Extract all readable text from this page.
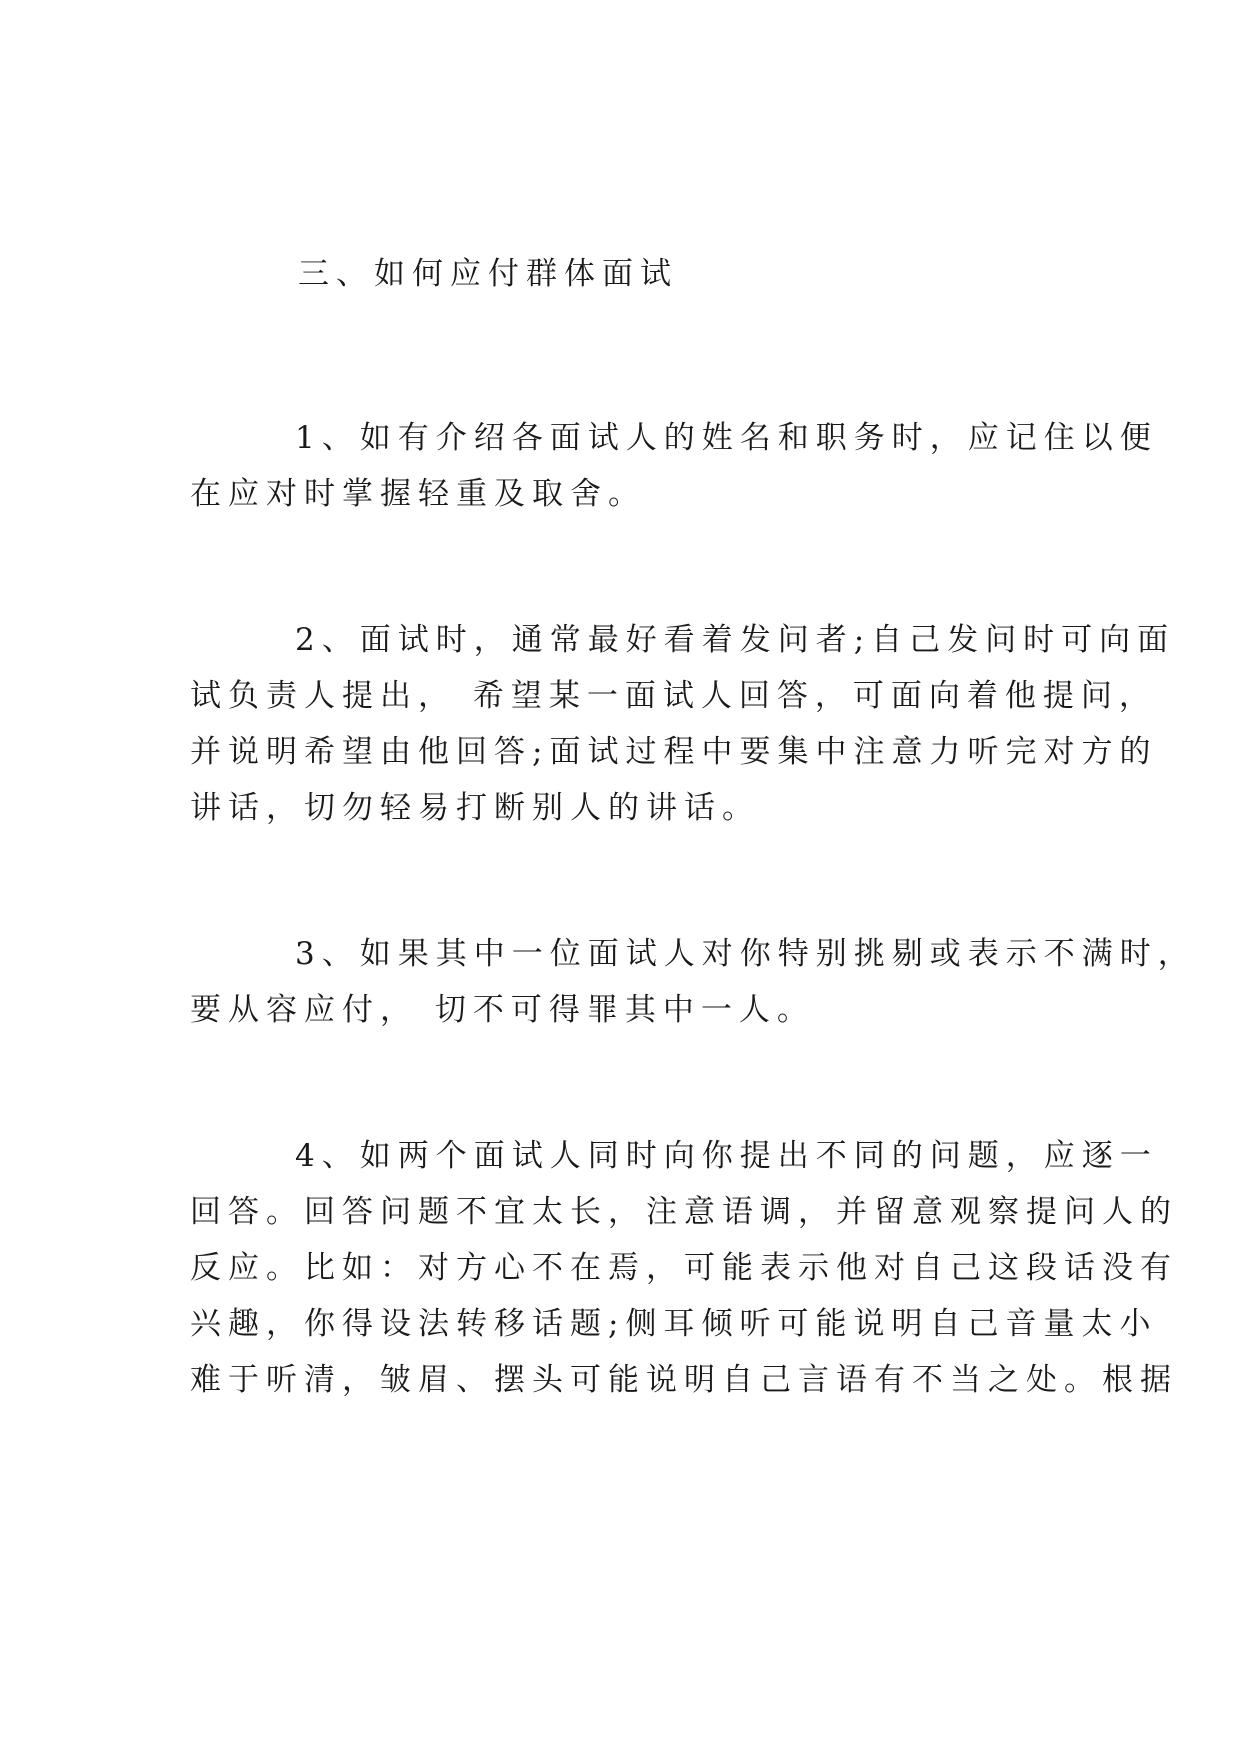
三、如何应付群体面试
1、如有介绍各面试人的姓名和职务时，应记住以便
在应对时掌握轻重及取舍。
2、面试时，通常最好看着发问者;自己发问时可向面
试负责人提出， 希望某一面试人回答，可面向着他提问，
并说明希望由他回答;面试过程中要集中注意力听完对方的
讲话，切勿轻易打断别人的讲话。
3、如果其中一位面试人对你特别挑剔或表示不满时，
要从容应付， 切不可得罪其中一人。
4、如两个面试人同时向你提出不同的问题，应逐一
回答。回答问题不宜太长，注意语调，并留意观察提问人的
反应。比如：对方心不在焉，可能表示他对自己这段话没有
兴趣，你得设法转移话题;侧耳倾听可能说明自己音量太小
难于听清，皱眉、摆头可能说明自己言语有不当之处。根据
